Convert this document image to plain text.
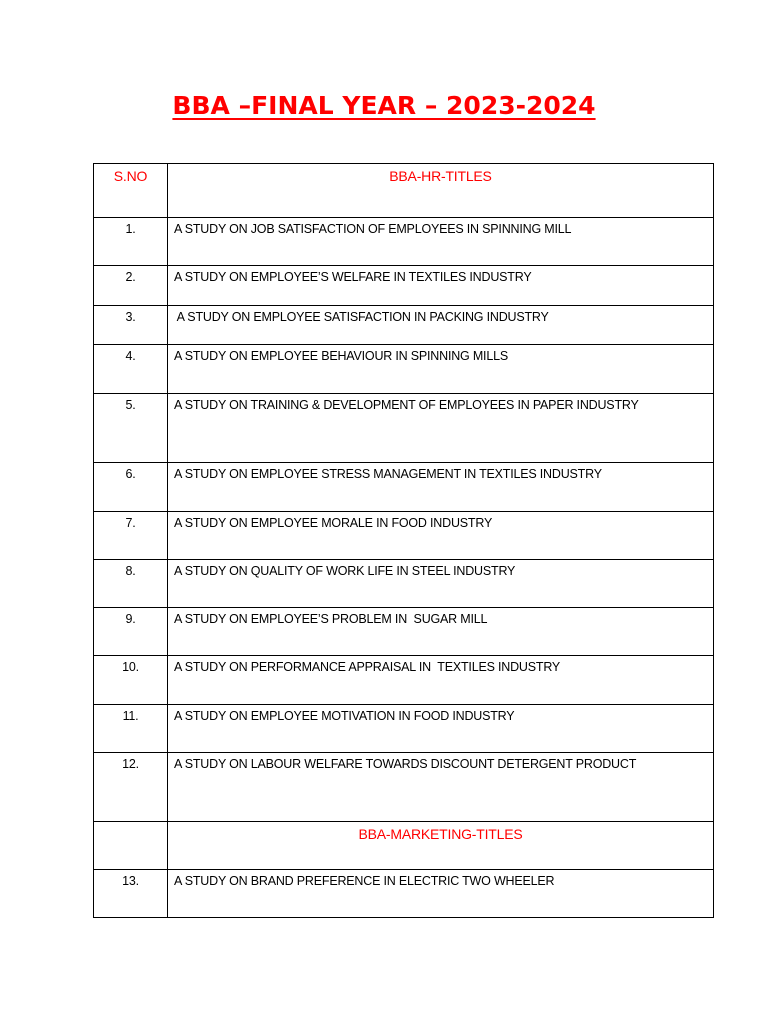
BBA –FINAL YEAR – 2023-2024
S.NO	BBA-HR-TITLES

1.	A STUDY ON JOB SATISFACTION OF EMPLOYEES IN SPINNING MILL

2.	A STUDY ON EMPLOYEE’S WELFARE IN TEXTILES INDUSTRY

3.	A STUDY ON EMPLOYEE SATISFACTION IN PACKING INDUSTRY

4.	A STUDY ON EMPLOYEE BEHAVIOUR IN SPINNING MILLS

5.	A STUDY ON TRAINING & DEVELOPMENT OF EMPLOYEES IN PAPER INDUSTRY

6.	A STUDY ON EMPLOYEE STRESS MANAGEMENT IN TEXTILES INDUSTRY

7.	A STUDY ON EMPLOYEE MORALE IN FOOD INDUSTRY

8.	A STUDY ON QUALITY OF WORK LIFE IN STEEL INDUSTRY

9.	A STUDY ON EMPLOYEE’S PROBLEM IN  SUGAR MILL

10.	A STUDY ON PERFORMANCE APPRAISAL IN  TEXTILES INDUSTRY

11.	A STUDY ON EMPLOYEE MOTIVATION IN FOOD INDUSTRY

12.	A STUDY ON LABOUR WELFARE TOWARDS DISCOUNT DETERGENT PRODUCT

	BBA-MARKETING-TITLES

13.	A STUDY ON BRAND PREFERENCE IN ELECTRIC TWO WHEELER
